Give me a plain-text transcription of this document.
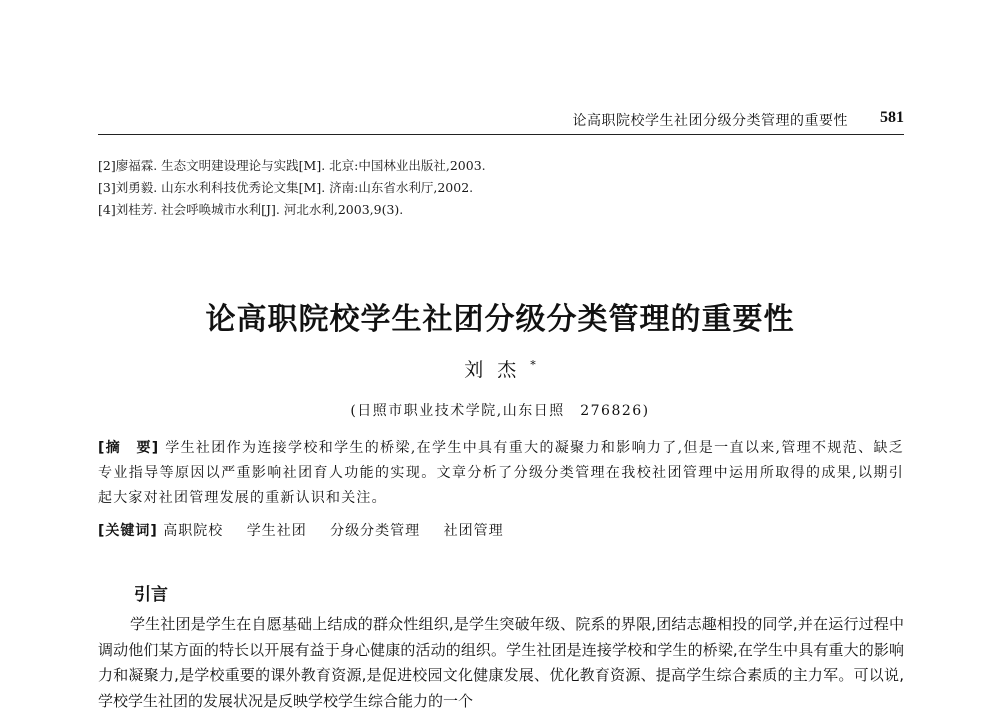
论高职院校学生社团分级分类管理的重要性 581
[2]廖福霖. 生态文明建设理论与实践[M]. 北京:中国林业出版社,2003.
[3]刘勇毅. 山东水利科技优秀论文集[M]. 济南:山东省水利厅,2002.
[4]刘桂芳. 社会呼唤城市水利[J]. 河北水利,2003,9(3).
论高职院校学生社团分级分类管理的重要性
刘杰*
(日照市职业技术学院,山东日照　276826)
[摘　要] 学生社团作为连接学校和学生的桥梁,在学生中具有重大的凝聚力和影响力了,但是一直以来,管理不规范、缺乏专业指导等原因以严重影响社团育人功能的实现。文章分析了分级分类管理在我校社团管理中运用所取得的成果,以期引起大家对社团管理发展的重新认识和关注。
[关键词] 高职院校 学生社团 分级分类管理 社团管理
引言

学生社团是学生在自愿基础上结成的群众性组织,是学生突破年级、院系的界限,团结志趣相投的同学,并在运行过程中调动他们某方面的特长以开展有益于身心健康的活动的组织。学生社团是连接学校和学生的桥梁,在学生中具有重大的影响力和凝聚力,是学校重要的课外教育资源,是促进校园文化健康发展、优化教育资源、提高学生综合素质的主力军。可以说,学校学生社团的发展状况是反映学校学生综合能力的一个
